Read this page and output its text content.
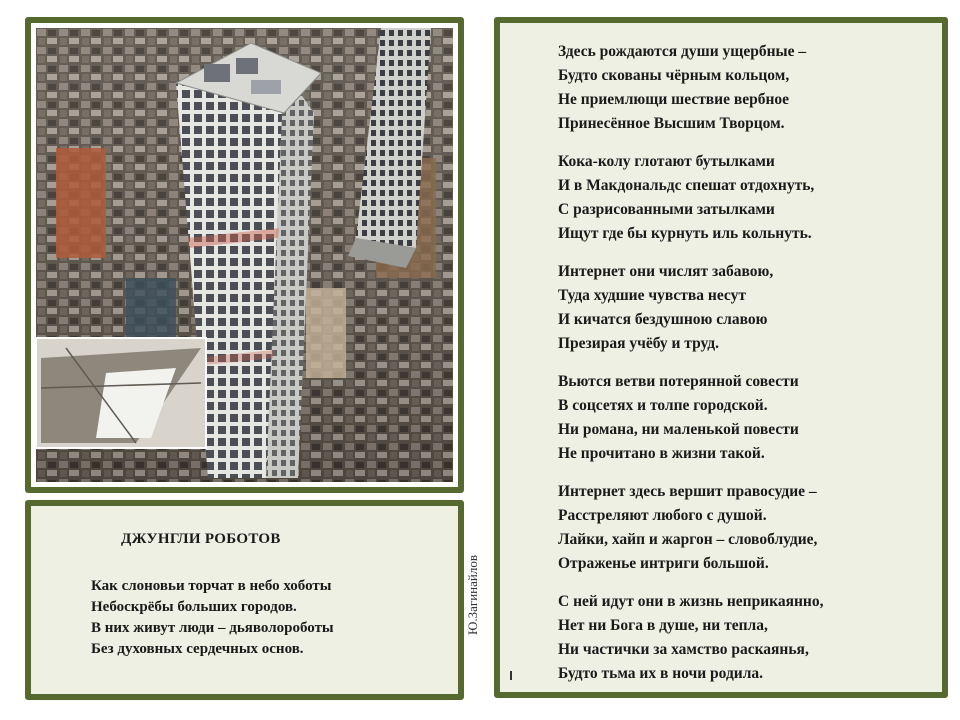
ДЖУНГЛИ РОБОТОВ
Как слоновьи торчат в небо хоботы
Небоскрёбы больших городов.
В них живут люди – дьяволороботы
Без духовных сердечных основ.
Ю.Загинайлов
Здесь рождаются души ущербные –
Будто скованы чёрным кольцом,
Не приемлющи шествие вербное
Принесённое Высшим Творцом.
Кока-колу глотают бутылками
И в Макдональдс спешат отдохнуть,
С разрисованными затылками
Ищут где бы курнуть иль кольнуть.
Интернет они числят забавою,
Туда худшие чувства несут
И кичатся бездушною славою
Презирая учёбу и труд.
Вьются ветви потерянной совести
В соцсетях и толпе городской.
Ни романа, ни маленькой повести
Не прочитано в жизни такой.
Интернет здесь вершит правосудие –
Расстреляют любого с душой.
Лайки, хайп и жаргон – словоблудие,
Отраженье интриги большой.
С ней идут они в жизнь неприкаянно,
Нет ни Бога в душе, ни тепла,
Ни частички за хамство раскаянья,
Будто тьма их в ночи родила.
